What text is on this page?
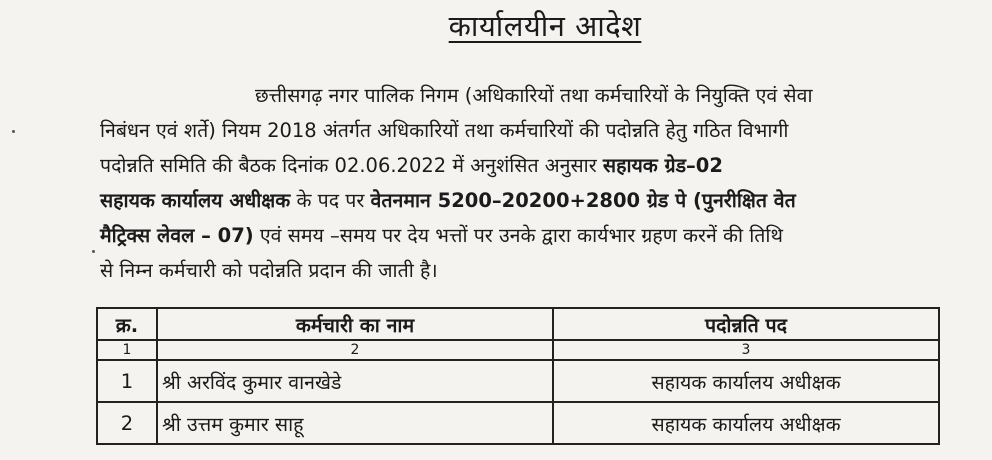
कार्यालयीन आदेश
छत्तीसगढ़ नगर पालिक निगम (अधिकारियों तथा कर्मचारियों के नियुक्ति एवं सेवा
निबंधन एवं शर्ते) नियम 2018 अंतर्गत अधिकारियों तथा कर्मचारियों की पदोन्नति हेतु गठित विभागी
पदोन्नति समिति की बैठक दिनांक 02.06.2022 में अनुशंसित अनुसार सहायक ग्रेड–02
सहायक कार्यालय अधीक्षक के पद पर वेतनमान 5200–20200+2800 ग्रेड पे (पुनरीक्षित वेत
मैट्रिक्स लेवल – 07) एवं समय –समय पर देय भत्तों पर उनके द्वारा कार्यभार ग्रहण करनें की तिथि
से निम्न कर्मचारी को पदोन्नति प्रदान की जाती है।
क्र.	कर्मचारी का नाम	पदोन्नति पद
1	2	3
1	श्री अरविंद कुमार वानखेडे	सहायक कार्यालय अधीक्षक
2	श्री उत्तम कुमार साहू	सहायक कार्यालय अधीक्षक
